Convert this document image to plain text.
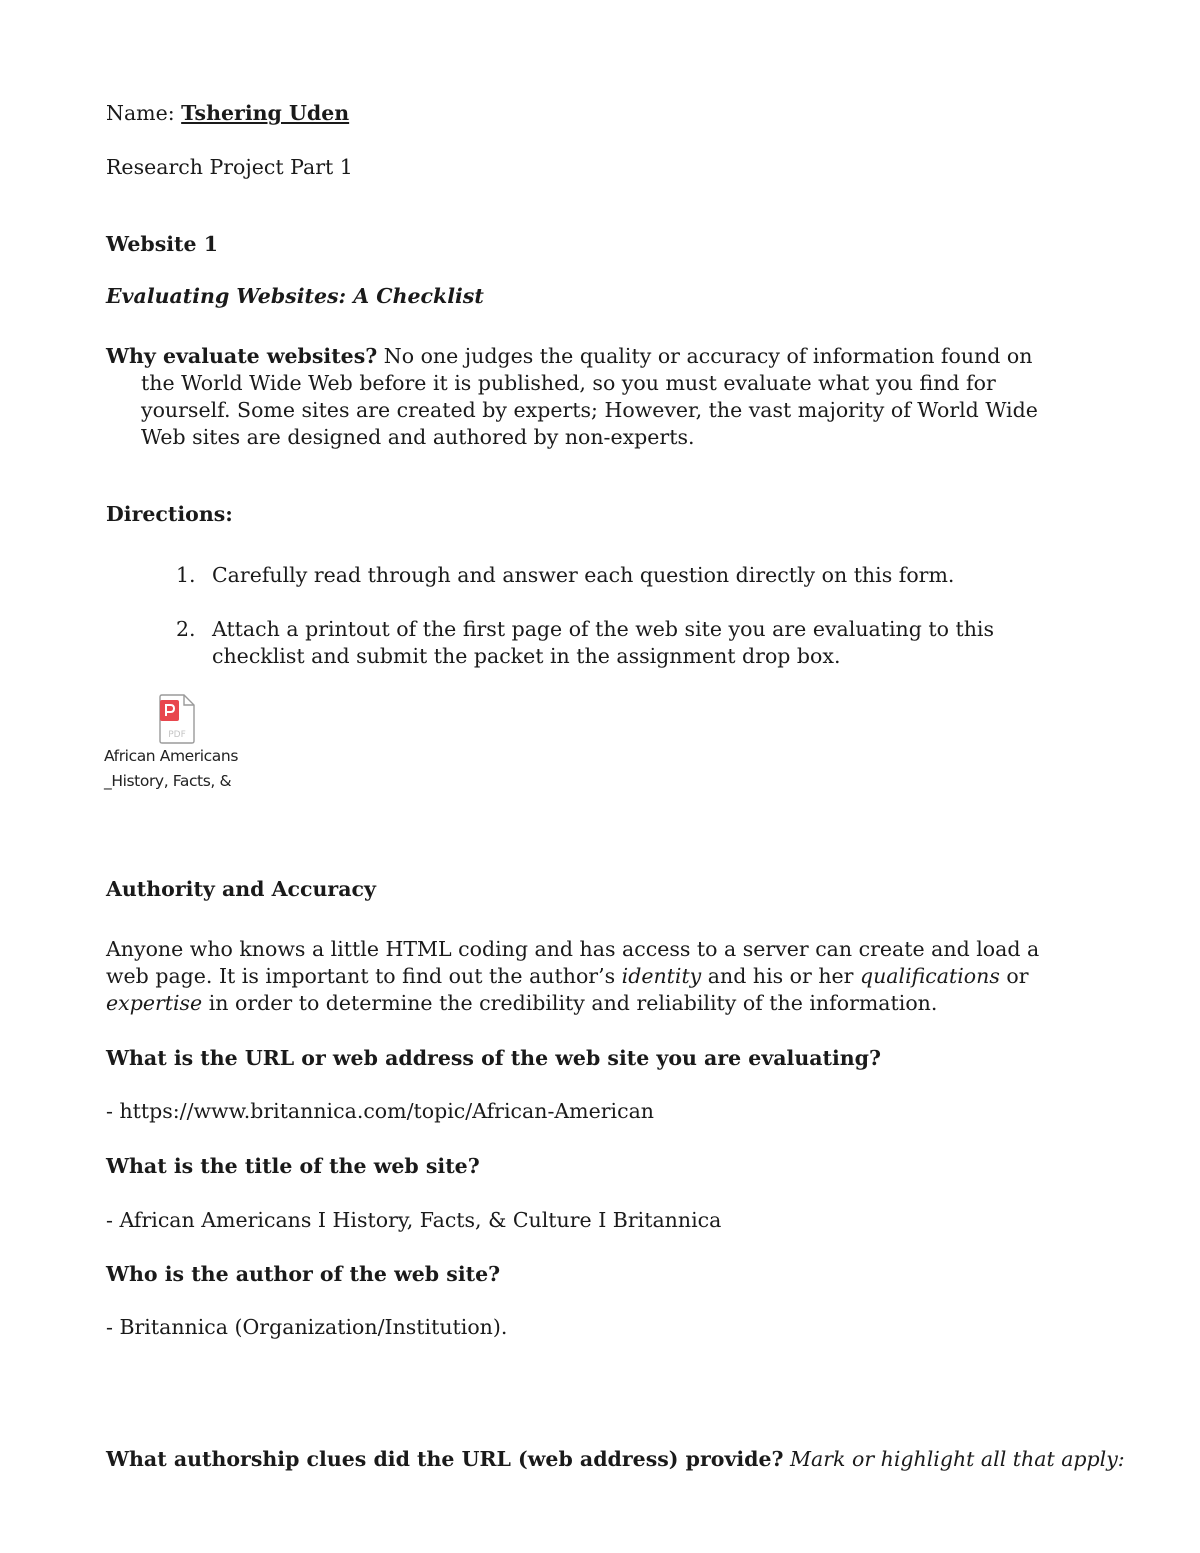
Name: Tshering Uden

Research Project Part 1

Website 1

Evaluating Websites: A Checklist

Why evaluate websites? No one judges the quality or accuracy of information found on the World Wide Web before it is published, so you must evaluate what you find for yourself. Some sites are created by experts; However, the vast majority of World Wide Web sites are designed and authored by non-experts.

Directions:

1. Carefully read through and answer each question directly on this form.
2. Attach a printout of the first page of the web site you are evaluating to this checklist and submit the packet in the assignment drop box.
PDF
African Americans
_History, Facts, &

Authority and Accuracy

Anyone who knows a little HTML coding and has access to a server can create and load a web page. It is important to find out the author’s identity and his or her qualifications or expertise in order to determine the credibility and reliability of the information.

What is the URL or web address of the web site you are evaluating?

- https://www.britannica.com/topic/African-American

What is the title of the web site?

- African Americans I History, Facts, & Culture I Britannica

Who is the author of the web site?

- Britannica (Organization/Institution).

What authorship clues did the URL (web address) provide? Mark or highlight all that apply:
